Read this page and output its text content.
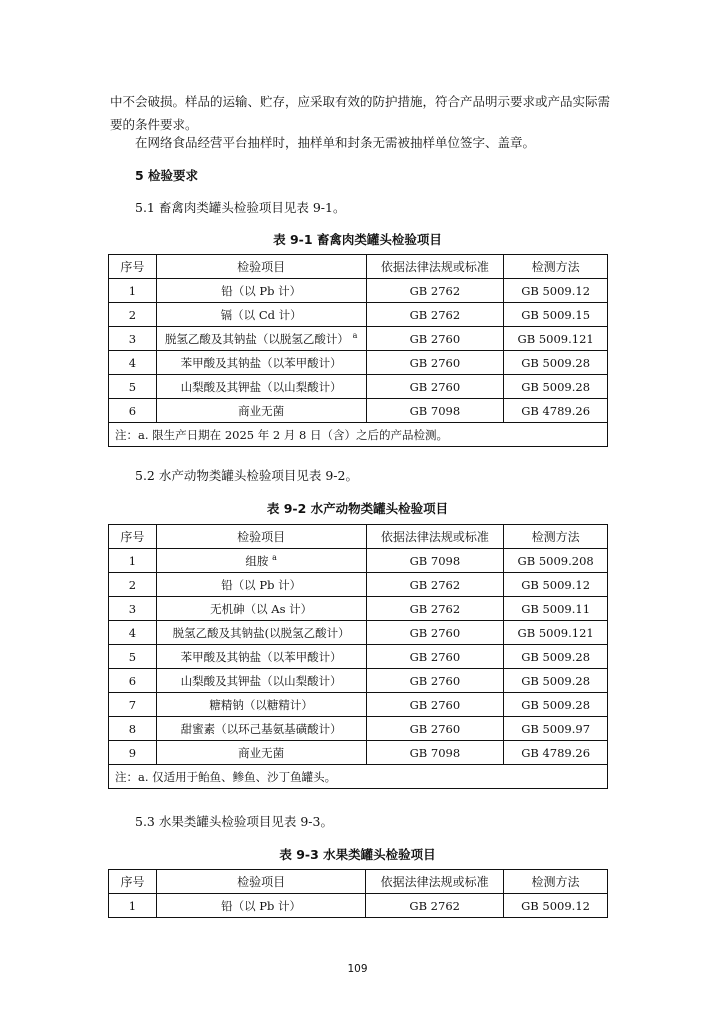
中不会破损。样品的运输、贮存，应采取有效的防护措施，符合产品明示要求或产品实际需要的条件要求。

在网络食品经营平台抽样时，抽样单和封条无需被抽样单位签字、盖章。

5 检验要求

5.1 畜禽肉类罐头检验项目见表 9-1。

表 9-1 畜禽肉类罐头检验项目

序号	检验项目	依据法律法规或标准	检测方法
1	铅（以 Pb 计）	GB 2762	GB 5009.12
2	镉（以 Cd 计）	GB 2762	GB 5009.15
3	脱氢乙酸及其钠盐（以脱氢乙酸计） $^a$	GB 2760	GB 5009.121
4	苯甲酸及其钠盐（以苯甲酸计）	GB 2760	GB 5009.28
5	山梨酸及其钾盐（以山梨酸计）	GB 2760	GB 5009.28
6	商业无菌	GB 7098	GB 4789.26
注：a. 限生产日期在 2025 年 2 月 8 日（含）之后的产品检测。			

5.2 水产动物类罐头检验项目见表 9-2。

表 9-2 水产动物类罐头检验项目

序号	检验项目	依据法律法规或标准	检测方法
1	组胺 $^a$	GB 7098	GB 5009.208
2	铅（以 Pb 计）	GB 2762	GB 5009.12
3	无机砷（以 As 计）	GB 2762	GB 5009.11
4	脱氢乙酸及其钠盐(以脱氢乙酸计）	GB 2760	GB 5009.121
5	苯甲酸及其钠盐（以苯甲酸计）	GB 2760	GB 5009.28
6	山梨酸及其钾盐（以山梨酸计）	GB 2760	GB 5009.28
7	糖精钠（以糖精计）	GB 2760	GB 5009.28
8	甜蜜素（以环己基氨基磺酸计）	GB 2760	GB 5009.97
9	商业无菌	GB 7098	GB 4789.26
注：a. 仅适用于鲐鱼、鲹鱼、沙丁鱼罐头。			

5.3 水果类罐头检验项目见表 9-3。

表 9-3 水果类罐头检验项目

序号	检验项目	依据法律法规或标准	检测方法
1	铅（以 Pb 计）	GB 2762	GB 5009.12

109
